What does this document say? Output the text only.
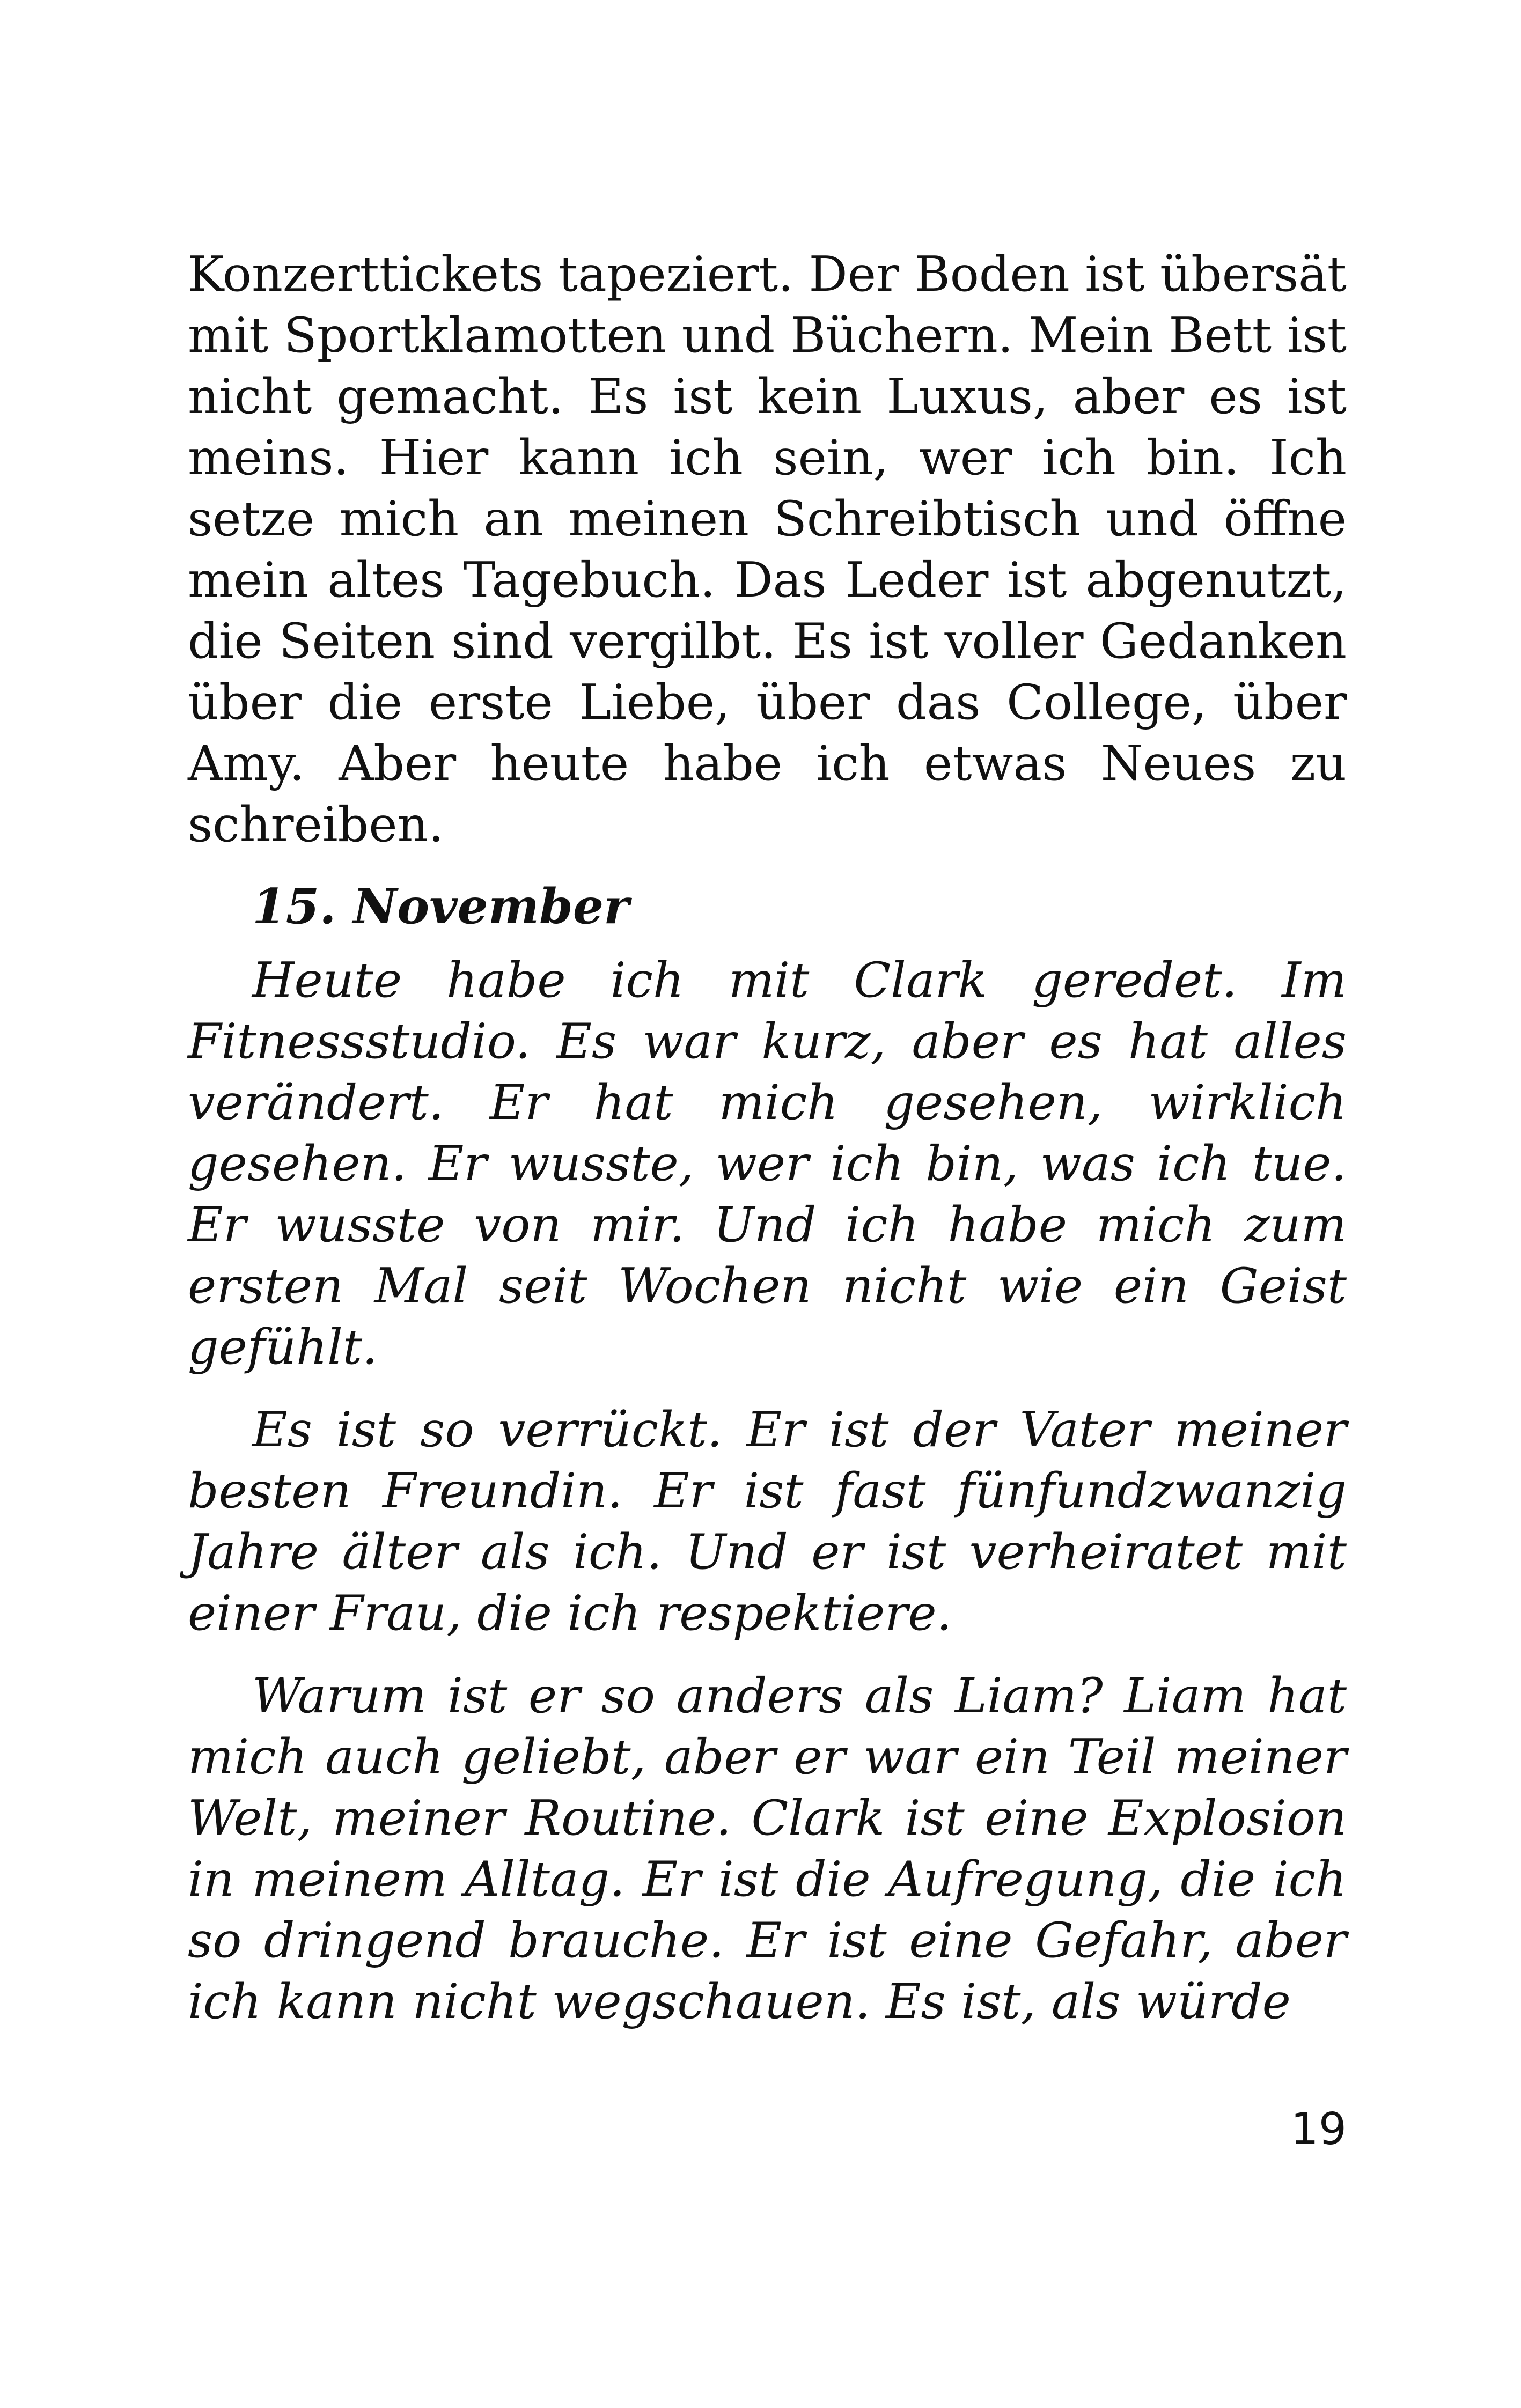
Konzerttickets tapeziert. Der Boden ist übersät mit Sportklamotten und Büchern. Mein Bett ist nicht gemacht. Es ist kein Luxus, aber es ist meins. Hier kann ich sein, wer ich bin. Ich setze mich an meinen Schreibtisch und öffne mein altes Tagebuch. Das Leder ist abgenutzt, die Seiten sind vergilbt. Es ist voller Gedanken über die erste Liebe, über das College, über Amy. Aber heute habe ich etwas Neues zu schreiben.

15. November

Heute habe ich mit Clark geredet. Im Fitnessstudio. Es war kurz, aber es hat alles verändert. Er hat mich gesehen, wirklich gesehen. Er wusste, wer ich bin, was ich tue. Er wusste von mir. Und ich habe mich zum ersten Mal seit Wochen nicht wie ein Geist gefühlt.

Es ist so verrückt. Er ist der Vater meiner besten Freundin. Er ist fast fünfundzwanzig Jahre älter als ich. Und er ist verheiratet mit einer Frau, die ich respektiere.

Warum ist er so anders als Liam? Liam hat mich auch geliebt, aber er war ein Teil meiner Welt, meiner Routine. Clark ist eine Explosion in meinem Alltag. Er ist die Aufregung, die ich so dringend brauche. Er ist eine Gefahr, aber ich kann nicht wegschauen. Es ist, als würde

19
